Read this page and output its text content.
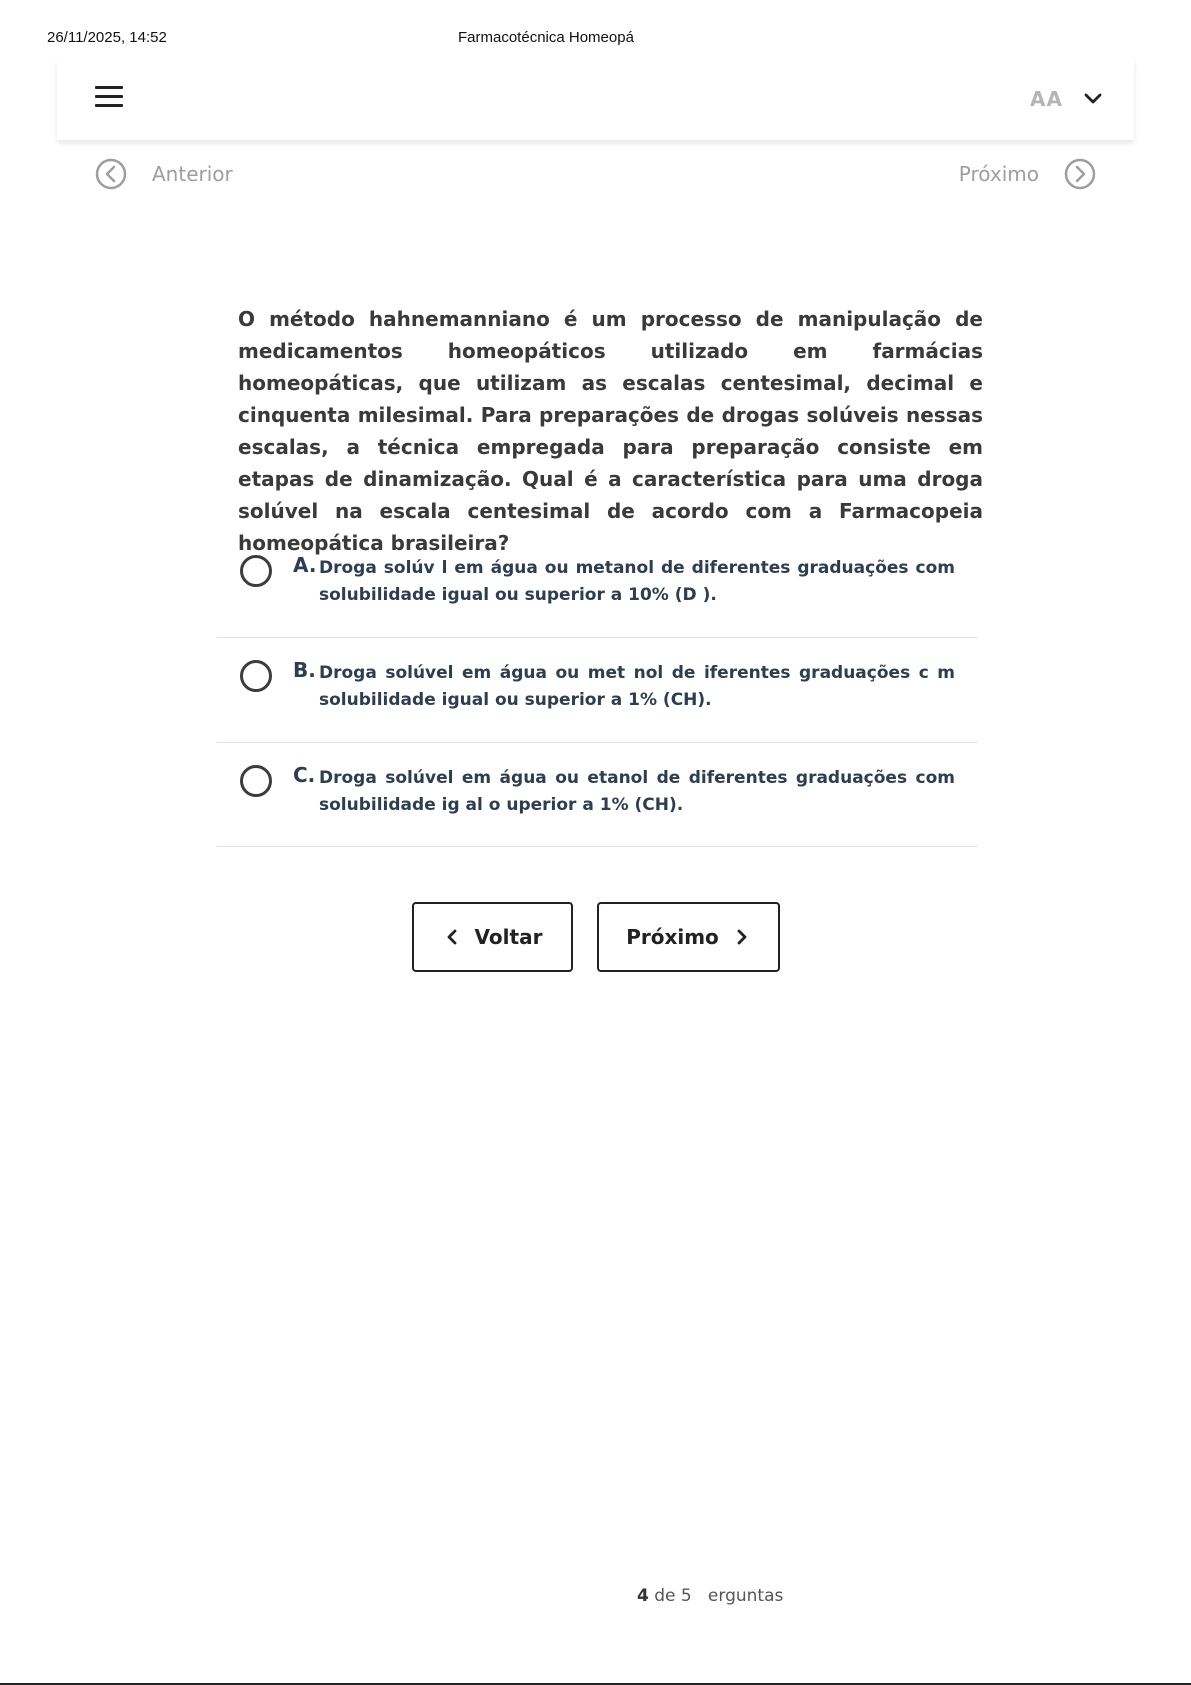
26/11/2025, 14:52	Farmacotécnica Homeopá
AA
Anterior	Próximo
O método hahnemanniano é um processo de manipulação de medicamentos homeopáticos utilizado em farmácias homeopáticas, que utilizam as escalas centesimal, decimal e cinquenta milesimal. Para preparações de drogas solúveis nessas escalas, a técnica empregada para preparação consiste em etapas de dinamização. Qual é a característica para uma droga solúvel na escala centesimal de acordo com a Farmacopeia homeopática brasileira?
A. Droga solúv l em água ou metanol de diferentes graduações com solubilidade igual ou superior a 10% (D ).
B. Droga solúvel em água ou met nol de iferentes graduações c m solubilidade igual ou superior a 1% (CH).
C. Droga solúvel em água ou etanol de diferentes graduações com solubilidade ig al o uperior a 1% (CH).
Voltar	Próximo
4 de 5   erguntas
